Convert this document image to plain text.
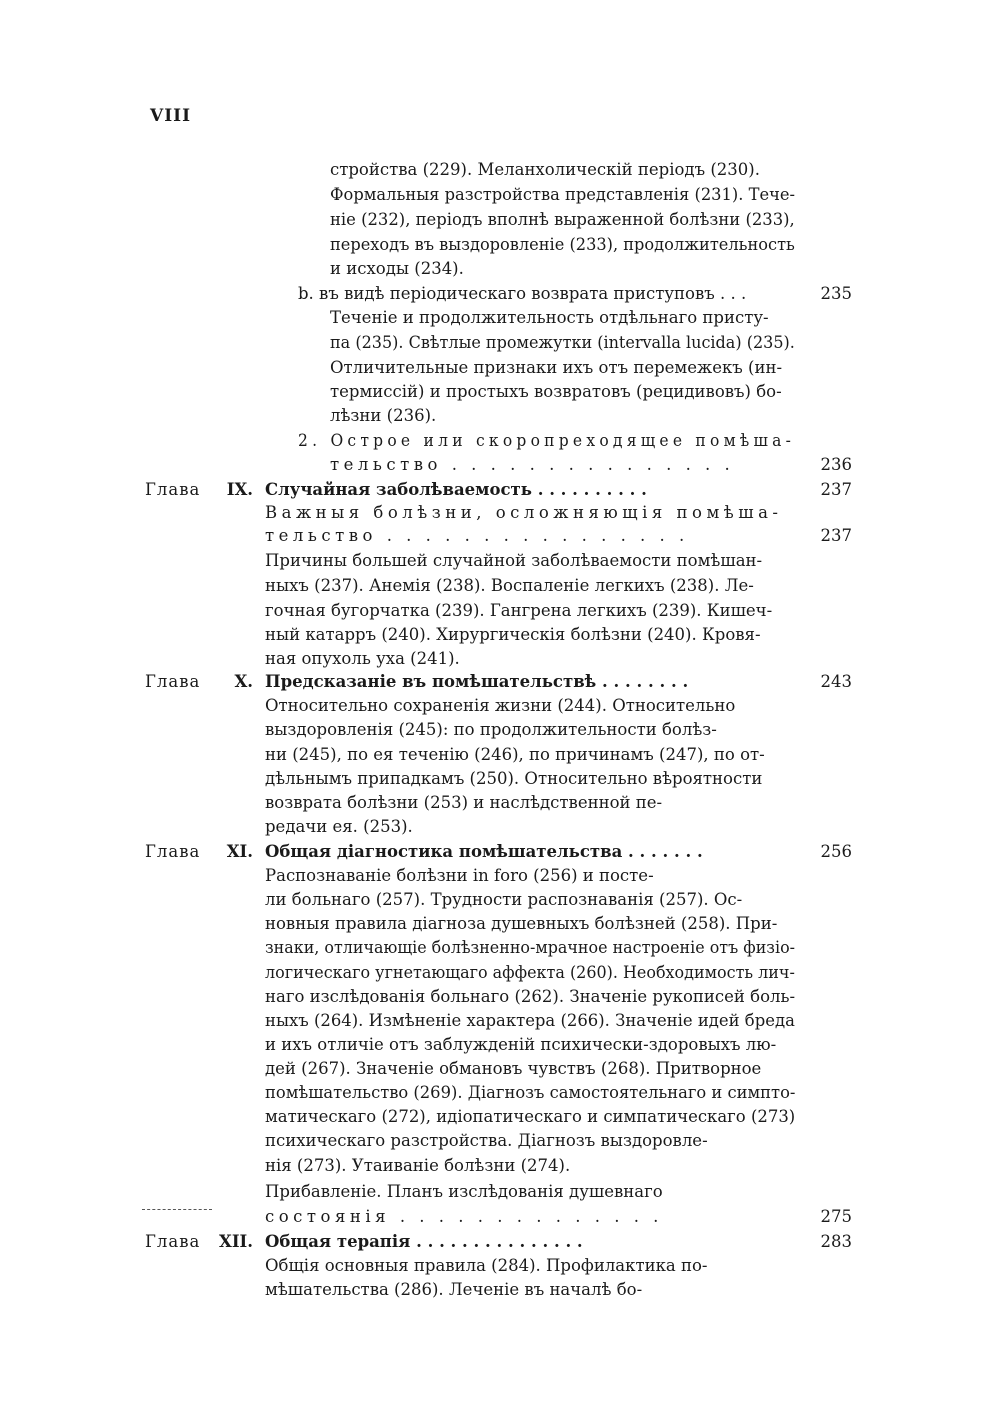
VIII
стройства (229). Меланхолическій періодъ (230).
Формальныя разстройства представленія (231). Тече-
ніе (232), періодъ вполнѣ выраженной болѣзни (233),
переходъ въ выздоровленіе (233), продолжительность
и исходы (234).
b. въ видѣ періодическаго возврата приступовъ . . .	235
Теченіе и продолжительность отдѣльнаго присту-
па (235). Свѣтлые промежутки (intervalla lucida) (235).
Отличительные признаки ихъ отъ перемежекъ (ин-
термиссій) и простыхъ возвратовъ (рецидивовъ) бо-
лѣзни (236).
2. Острое или скоропреходящее помѣша-
тельство . . . . . . . . . . . . . . .	236
Глава IX. Случайная заболѣваемость . . . . . . . . . .	237
Важныя болѣзни, осложняющія помѣша-
тельство . . . . . . . . . . . . . . . .	237
Причины большей случайной заболѣваемости помѣшан-
ныхъ (237). Анемія (238). Воспаленіе легкихъ (238). Ле-
гочная бугорчатка (239). Гангрена легкихъ (239). Кишеч-
ный катарръ (240). Хирургическія болѣзни (240). Кровя-
ная опухоль уха (241).
Глава X. Предсказаніе въ помѣшательствѣ . . . . . . . .	243
Относительно сохраненія жизни (244). Относительно
выздоровленія (245): по продолжительности болѣз-
ни (245), по ея теченію (246), по причинамъ (247), по от-
дѣльнымъ припадкамъ (250). Относительно вѣроятности
возврата болѣзни (253) и наслѣдственной пе-
редачи ея. (253).
Глава XI. Общая діагностика помѣшательства . . . . . . .	256
Распознаваніе болѣзни in foro (256) и посте-
ли больнаго (257). Трудности распознаванія (257). Ос-
новныя правила діагноза душевныхъ болѣзней (258). При-
знаки, отличающіе болѣзненно-мрачное настроеніе отъ физіо-
логическаго угнетающаго аффекта (260). Необходимость лич-
наго изслѣдованія больнаго (262). Значеніе рукописей боль-
ныхъ (264). Измѣненіе характера (266). Значеніе идей бреда
и ихъ отличіе отъ заблужденій психически-здоровыхъ лю-
дей (267). Значеніе обмановъ чувствъ (268). Притворное
помѣшательство (269). Діагнозъ самостоятельнаго и симпто-
матическаго (272), идіопатическаго и симпатическаго (273)
психическаго разстройства. Діагнозъ выздоровле-
нія (273). Утаиваніе болѣзни (274).
Прибавленіе. Планъ изслѣдованія душевнаго
состоянія . . . . . . . . . . . . . .	275
Глава XII. Общая терапія . . . . . . . . . . . . . . .	283
Общія основныя правила (284). Профилактика по-
мѣшательства (286). Леченіе въ началѣ бо-
